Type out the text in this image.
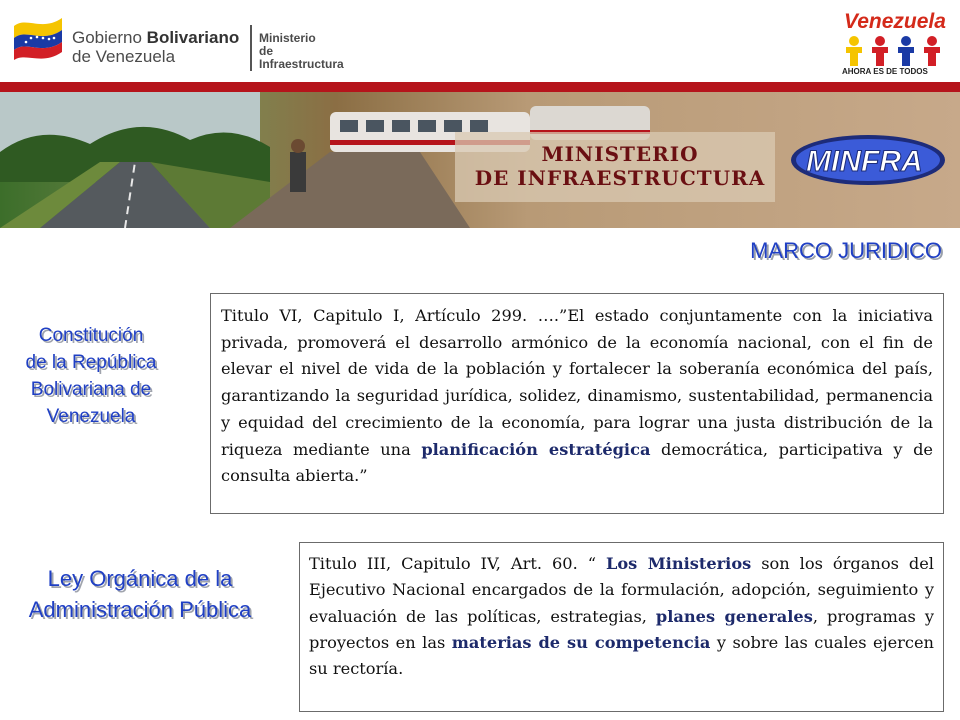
Gobierno Bolivariano
de Venezuela
Ministerio
de
Infraestructura
Venezuela
AHORA ES DE TODOS
MINISTERIO
DE INFRAESTRUCTURA MINFRA
MARCO JURIDICO
Constitución
de la República
Bolivariana de
Venezuela
Titulo VI, Capitulo I, Artículo 299. ….”El estado conjuntamente con la iniciativa privada, promoverá el desarrollo armónico de la economía nacional, con el fin de elevar el nivel de vida de la población y fortalecer la soberanía económica del país, garantizando la seguridad jurídica, solidez, dinamismo, sustentabilidad, permanencia y equidad del crecimiento de la economía, para lograr una justa distribución de la riqueza mediante una planificación estratégica democrática, participativa y de consulta abierta.”
Ley Orgánica de la
Administración Pública
Titulo III, Capitulo IV, Art. 60. “ Los Ministerios son los órganos del Ejecutivo Nacional encargados de la formulación, adopción, seguimiento y evaluación de las políticas, estrategias, planes generales, programas y proyectos en las materias de su competencia y sobre las cuales ejercen su rectoría.
